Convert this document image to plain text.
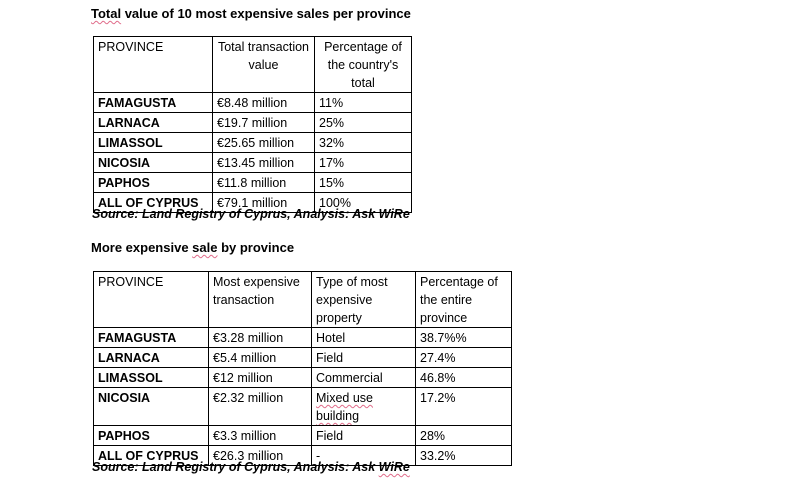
Total value of 10 most expensive sales per province
PROVINCE	Total transaction value	Percentage of the country's total
FAMAGUSTA	€8.48 million	11%
LARNACA	€19.7 million	25%
LIMASSOL	€25.65 million	32%
NICOSIA	€13.45 million	17%
PAPHOS	€11.8 million	15%
ALL OF CYPRUS	€79.1 million	100%
Source: Land Registry of Cyprus, Analysis: Ask WiRe
More expensive sale by province
PROVINCE	Most expensive transaction	Type of most expensive property	Percentage of the entire province
FAMAGUSTA	€3.28 million	Hotel	38.7%%
LARNACA	€5.4 million	Field	27.4%
LIMASSOL	€12 million	Commercial	46.8%
NICOSIA	€2.32 million	Mixed use building	17.2%
PAPHOS	€3.3 million	Field	28%
ALL OF CYPRUS	€26.3 million	-	33.2%
Source: Land Registry of Cyprus, Analysis: Ask WiRe
